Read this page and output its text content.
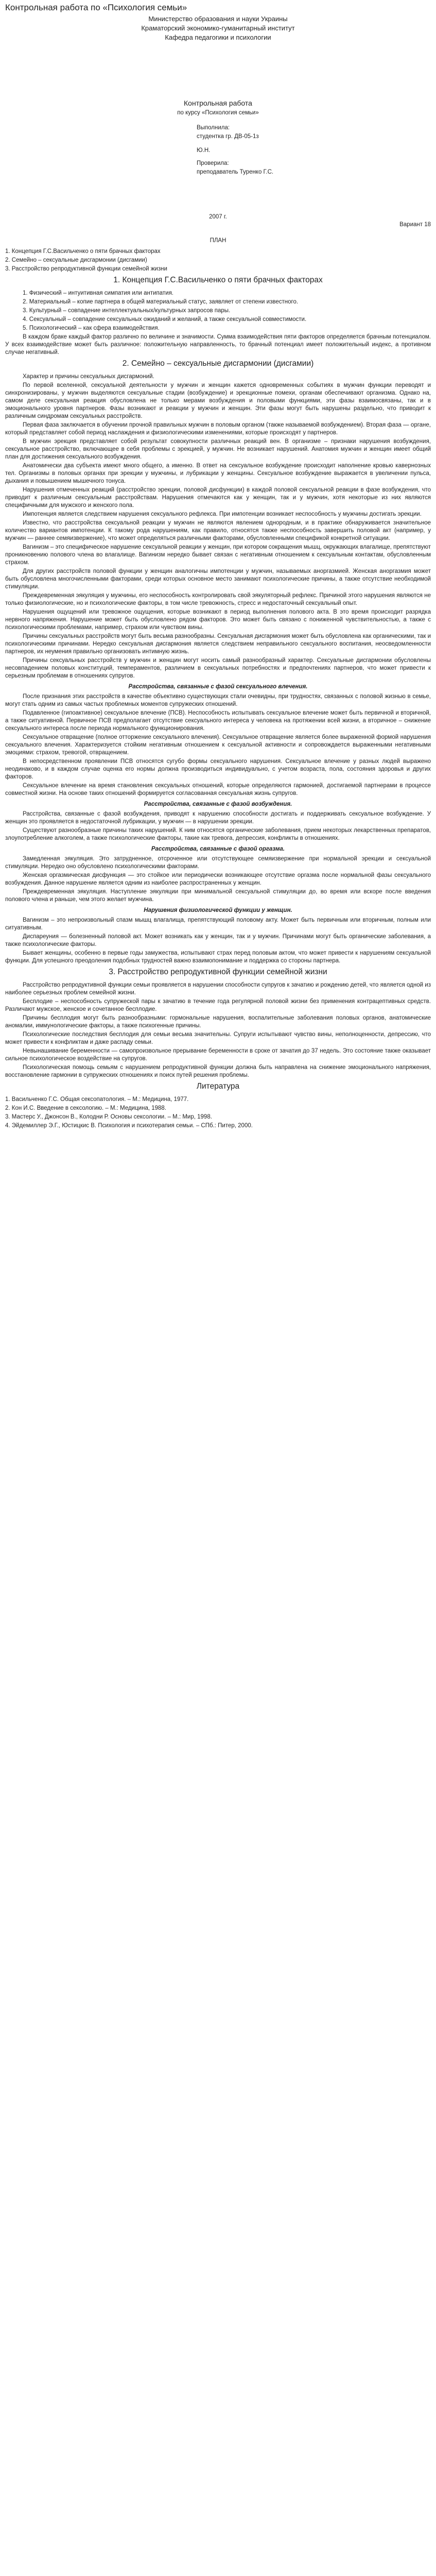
Контрольная работа по «Психология семьи»

Министерство образования и науки Украины

Краматорский экономико-гуманитарный институт

Кафедра педагогики и психологии

Контрольная работа

по курсу «Психология семьи»

Выполнила:

студентка гр. ДВ-05-1з

Ю.Н.

Проверила:

преподаватель Туренко Г.С.

2007 г.

Вариант 18

ПЛАН

1. Концепция Г.С.Васильченко о пяти брачных факторах

2. Семейно – сексуальные дисгармонии (дисгамии)

3. Расстройство репродуктивной функции семейной жизни

1. Концепция Г.С.Васильченко о пяти брачных факторах

1. Физический – интуитивная симпатия или антипатия.

2. Материальный – копие партнера в общей материальный статус, заявляет от степени известного.

3. Культурный – совпадение интеллектуальных/культурных запросов пары.

4. Сексуальный – совпадение сексуальных ожиданий и желаний, а также сексуальной совместимости.

5. Психологический – как сфера взаимодействия.

В каждом браке каждый фактор различно по величине и значимости. Сумма взаимодействия пяти факторов определяется брачным потенциалом. У всех взаимодействие может быть различное: положительную направленность, то брачный потенциал имеет положительный индекс, а противном случае негативный.

2. Семейно – сексуальные дисгармонии (дисгамии)

Характер и причины сексуальных дисгармоний.

По первой вселенной, сексуальной деятельности у мужчин и женщин кажется одновременных событиях в мужчин функции переводят и синхронизированы, у мужчин выделяются сексуальные стадии (возбуждение) и эрекционные помехи, органам обеспечивают организма. Однако на, самом деле сексуальная реакция обусловлена не только мерами возбуждения и половыми функциями, эти фазы взаимосвязаны, так и в эмоционального уровня партнеров. Фазы возникают и реакции у мужчин и женщин. Эти фазы могут быть нарушены раздельно, что приводит к различным синдромам сексуальных расстройств.

Первая фаза заключается в обучении прочной правильных мужчин в половым органом (также называемой возбуждением). Вторая фаза — органе, который представляет собой период наслаждения и физиологическими изменениями, которые происходят у партнеров.

В мужчин эрекция представляет собой результат совокупности различных реакций вен. В организме – признаки нарушения возбуждения, сексуальное расстройство, включающее в себя проблемы с эрекцией, у мужчин. Не возникает нарушений. Анатомия мужчин и женщин имеет общий план для достижения сексуального возбуждения.

Анатомически два субъекта имеют много общего, а именно. В ответ на сексуальное возбуждение происходит наполнение кровью кавернозных тел. Организмы в половых органах при эрекции у мужчины, и лубрикации у женщины. Сексуальное возбуждение выражается в увеличении пульса, дыхания и повышением мышечного тонуса.

Нарушения отмеченных реакций (расстройство эрекции, половой дисфункции) в каждой половой сексуальной реакции в фазе возбуждения, что приводит к различным сексуальным расстройствам. Нарушения отмечаются как у женщин, так и у мужчин, хотя некоторые из них являются специфичными для мужского и женского пола.

Импотенция является следствием нарушения сексуального рефлекса. При импотенции возникает неспособность у мужчины достигать эрекции.

Известно, что расстройства сексуальной реакции у мужчин не являются явлением однородным, и в практике обнаруживается значительное количество вариантов импотенции. К такому рода нарушениям, как правило, относятся также неспособность завершить половой акт (например, у мужчин — раннее семяизвержение), что может определяться различными факторами, обусловленными спецификой конкретной ситуации.

Вагинизм – это специфическое нарушение сексуальной реакции у женщин, при котором сокращения мышц, окружающих влагалище, препятствуют проникновению полового члена во влагалище. Вагинизм нередко бывает связан с негативным отношением к сексуальным контактам, обусловленным страхом.

Для других расстройств половой функции у женщин аналогичны импотенции у мужчин, называемых аноргазмией. Женская аноргазмия может быть обусловлена многочисленными факторами, среди которых основное место занимают психологические причины, а также отсутствие необходимой стимуляции.

Преждевременная эякуляция у мужчины, его неспособность контролировать свой эякуляторный рефлекс. Причиной этого нарушения являются не только физиологические, но и психологические факторы, в том числе тревожность, стресс и недостаточный сексуальный опыт.

Нарушения ощущений или тревожное ощущения, которые возникают в период выполнения полового акта. В это время происходит разрядка нервного напряжения. Нарушение может быть обусловлено рядом факторов. Это может быть связано с пониженной чувствительностью, а также с психологическими проблемами, например, страхом или чувством вины.

Причины сексуальных расстройств могут быть весьма разнообразны. Сексуальная дисгармония может быть обусловлена как органическими, так и психологическими причинами. Нередко сексуальная дисгармония является следствием неправильного сексуального воспитания, неосведомленности партнеров, их неумения правильно организовать интимную жизнь.

Причины сексуальных расстройств у мужчин и женщин могут носить самый разнообразный характер. Сексуальные дисгармонии обусловлены несовпадением половых конституций, темпераментов, различием в сексуальных потребностях и предпочтениях партнеров, что может привести к серьезным проблемам в отношениях супругов.

Расстройства, связанные с фазой сексуального влечения.

После признания этих расстройств в качестве объективно существующих стали очевидны, при трудностях, связанных с половой жизнью в семье, могут стать одним из самых частых проблемных моментов супружеских отношений.

Подавленное (гипоактивное) сексуальное влечение (ПСВ). Неспособность испытывать сексуальное влечение может быть первичной и вторичной, а также ситуативной. Первичное ПСВ предполагает отсутствие сексуального интереса у человека на протяжении всей жизни, а вторичное – снижение сексуального интереса после периода нормального функционирования.

Сексуальное отвращение (полное отторжение сексуального влечения). Сексуальное отвращение является более выраженной формой нарушения сексуального влечения. Характеризуется стойким негативным отношением к сексуальной активности и сопровождается выраженными негативными эмоциями: страхом, тревогой, отвращением.

В непосредственном проявлении ПСВ относятся сугубо формы сексуального нарушения. Сексуальное влечение у разных людей выражено неодинаково, и в каждом случае оценка его нормы должна производиться индивидуально, с учетом возраста, пола, состояния здоровья и других факторов.

Сексуальное влечение на время становления сексуальных отношений, которые определяются гармонией, достигаемой партнерами в процессе совместной жизни. На основе таких отношений формируется согласованная сексуальная жизнь супругов.

Расстройства, связанные с фазой возбуждения.

Расстройства, связанные с фазой возбуждения, приводят к нарушению способности достигать и поддерживать сексуальное возбуждение. У женщин это проявляется в недостаточной лубрикации, у мужчин — в нарушении эрекции.

Существуют разнообразные причины таких нарушений. К ним относятся органические заболевания, прием некоторых лекарственных препаратов, злоупотребление алкоголем, а также психологические факторы, такие как тревога, депрессия, конфликты в отношениях.

Расстройства, связанные с фазой оргазма.

Замедленная эякуляция. Это затрудненное, отсроченное или отсутствующее семяизвержение при нормальной эрекции и сексуальной стимуляции. Нередко оно обусловлено психологическими факторами.

Женская оргазмическая дисфункция — это стойкое или периодически возникающее отсутствие оргазма после нормальной фазы сексуального возбуждения. Данное нарушение является одним из наиболее распространенных у женщин.

Преждевременная эякуляция. Наступление эякуляции при минимальной сексуальной стимуляции до, во время или вскоре после введения полового члена и раньше, чем этого желает мужчина.

Нарушения физиологической функции у женщин.

Вагинизм – это непроизвольный спазм мышц влагалища, препятствующий половому акту. Может быть первичным или вторичным, полным или ситуативным.

Диспареуния — болезненный половой акт. Может возникать как у женщин, так и у мужчин. Причинами могут быть органические заболевания, а также психологические факторы.

Бывает женщины, особенно в первые годы замужества, испытывают страх перед половым актом, что может привести к нарушениям сексуальной функции. Для успешного преодоления подобных трудностей важно взаимопонимание и поддержка со стороны партнера.

3. Расстройство репродуктивной функции семейной жизни

Расстройство репродуктивной функции семьи проявляется в нарушении способности супругов к зачатию и рождению детей, что является одной из наиболее серьезных проблем семейной жизни.

Бесплодие – неспособность супружеской пары к зачатию в течение года регулярной половой жизни без применения контрацептивных средств. Различают мужское, женское и сочетанное бесплодие.

Причины бесплодия могут быть разнообразными: гормональные нарушения, воспалительные заболевания половых органов, анатомические аномалии, иммунологические факторы, а также психогенные причины.

Психологические последствия бесплодия для семьи весьма значительны. Супруги испытывают чувство вины, неполноценности, депрессию, что может привести к конфликтам и даже распаду семьи.

Невынашивание беременности — самопроизвольное прерывание беременности в сроке от зачатия до 37 недель. Это состояние также оказывает сильное психологическое воздействие на супругов.

Психологическая помощь семьям с нарушением репродуктивной функции должна быть направлена на снижение эмоционального напряжения, восстановление гармонии в супружеских отношениях и поиск путей решения проблемы.

Литература

1. Васильченко Г.С. Общая сексопатология. – М.: Медицина, 1977.

2. Кон И.С. Введение в сексологию. – М.: Медицина, 1988.

3. Мастерс У., Джонсон В., Колодни Р. Основы сексологии. – М.: Мир, 1998.

4. Эйдемиллер Э.Г., Юстицкис В. Психология и психотерапия семьи. – СПб.: Питер, 2000.
